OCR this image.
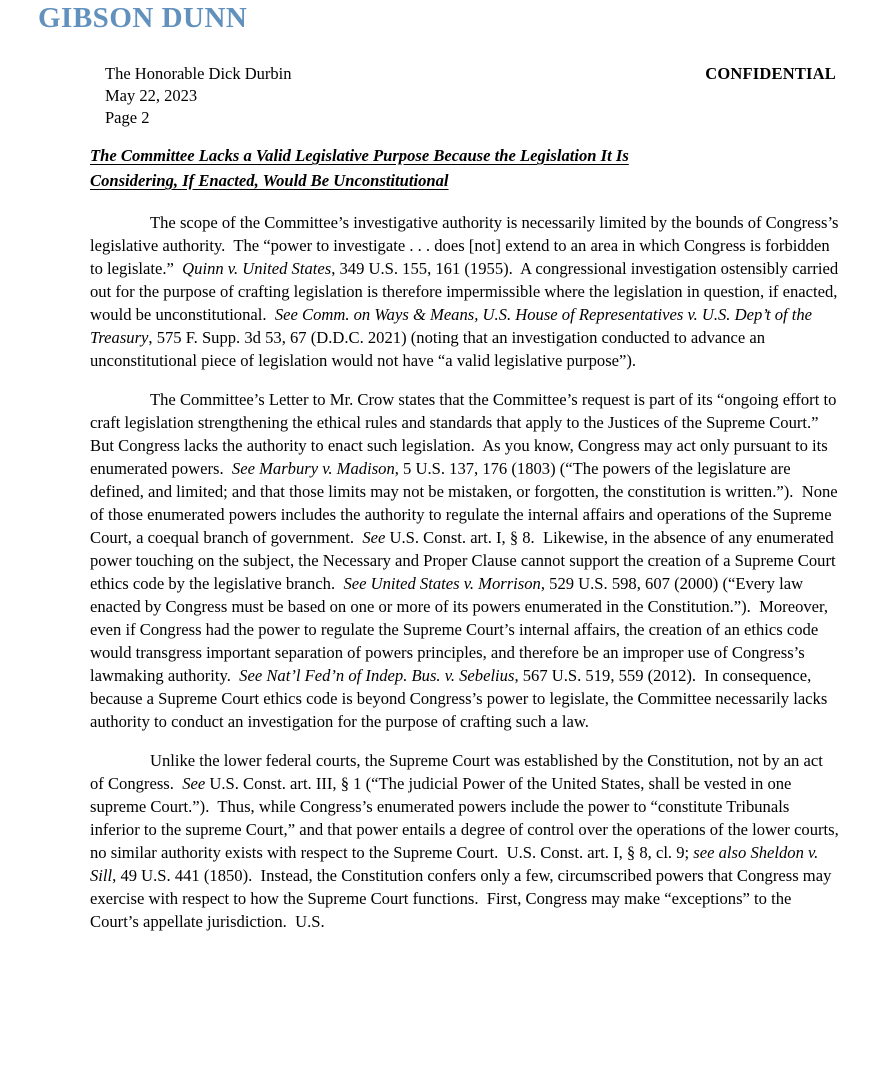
GIBSON DUNN
The Honorable Dick Durbin
May 22, 2023
Page 2
CONFIDENTIAL
The Committee Lacks a Valid Legislative Purpose Because the Legislation It Is
Considering, If Enacted, Would Be Unconstitutional

The scope of the Committee’s investigative authority is necessarily limited by the bounds of Congress’s legislative authority.  The “power to investigate . . . does [not] extend to an area in which Congress is forbidden to legislate.”  Quinn v. United States, 349 U.S. 155, 161 (1955).  A congressional investigation ostensibly carried out for the purpose of crafting legislation is therefore impermissible where the legislation in question, if enacted, would be unconstitutional.  See Comm. on Ways & Means, U.S. House of Representatives v. U.S. Dep’t of the Treasury, 575 F. Supp. 3d 53, 67 (D.D.C. 2021) (noting that an investigation conducted to advance an unconstitutional piece of legislation would not have “a valid legislative purpose”).

The Committee’s Letter to Mr. Crow states that the Committee’s request is part of its “ongoing effort to craft legislation strengthening the ethical rules and standards that apply to the Justices of the Supreme Court.”  But Congress lacks the authority to enact such legislation.  As you know, Congress may act only pursuant to its enumerated powers.  See Marbury v. Madison, 5 U.S. 137, 176 (1803) (“The powers of the legislature are defined, and limited; and that those limits may not be mistaken, or forgotten, the constitution is written.”).  None of those enumerated powers includes the authority to regulate the internal affairs and operations of the Supreme Court, a coequal branch of government.  See U.S. Const. art. I, § 8.  Likewise, in the absence of any enumerated power touching on the subject, the Necessary and Proper Clause cannot support the creation of a Supreme Court ethics code by the legislative branch.  See United States v. Morrison, 529 U.S. 598, 607 (2000) (“Every law enacted by Congress must be based on one or more of its powers enumerated in the Constitution.”).  Moreover, even if Congress had the power to regulate the Supreme Court’s internal affairs, the creation of an ethics code would transgress important separation of powers principles, and therefore be an improper use of Congress’s lawmaking authority.  See Nat’l Fed’n of Indep. Bus. v. Sebelius, 567 U.S. 519, 559 (2012).  In consequence, because a Supreme Court ethics code is beyond Congress’s power to legislate, the Committee necessarily lacks authority to conduct an investigation for the purpose of crafting such a law.

Unlike the lower federal courts, the Supreme Court was established by the Constitution, not by an act of Congress.  See U.S. Const. art. III, § 1 (“The judicial Power of the United States, shall be vested in one supreme Court.”).  Thus, while Congress’s enumerated powers include the power to “constitute Tribunals inferior to the supreme Court,” and that power entails a degree of control over the operations of the lower courts, no similar authority exists with respect to the Supreme Court.  U.S. Const. art. I, § 8, cl. 9; see also Sheldon v. Sill, 49 U.S. 441 (1850).  Instead, the Constitution confers only a few, circumscribed powers that Congress may exercise with respect to how the Supreme Court functions.  First, Congress may make “exceptions” to the Court’s appellate jurisdiction.  U.S.
